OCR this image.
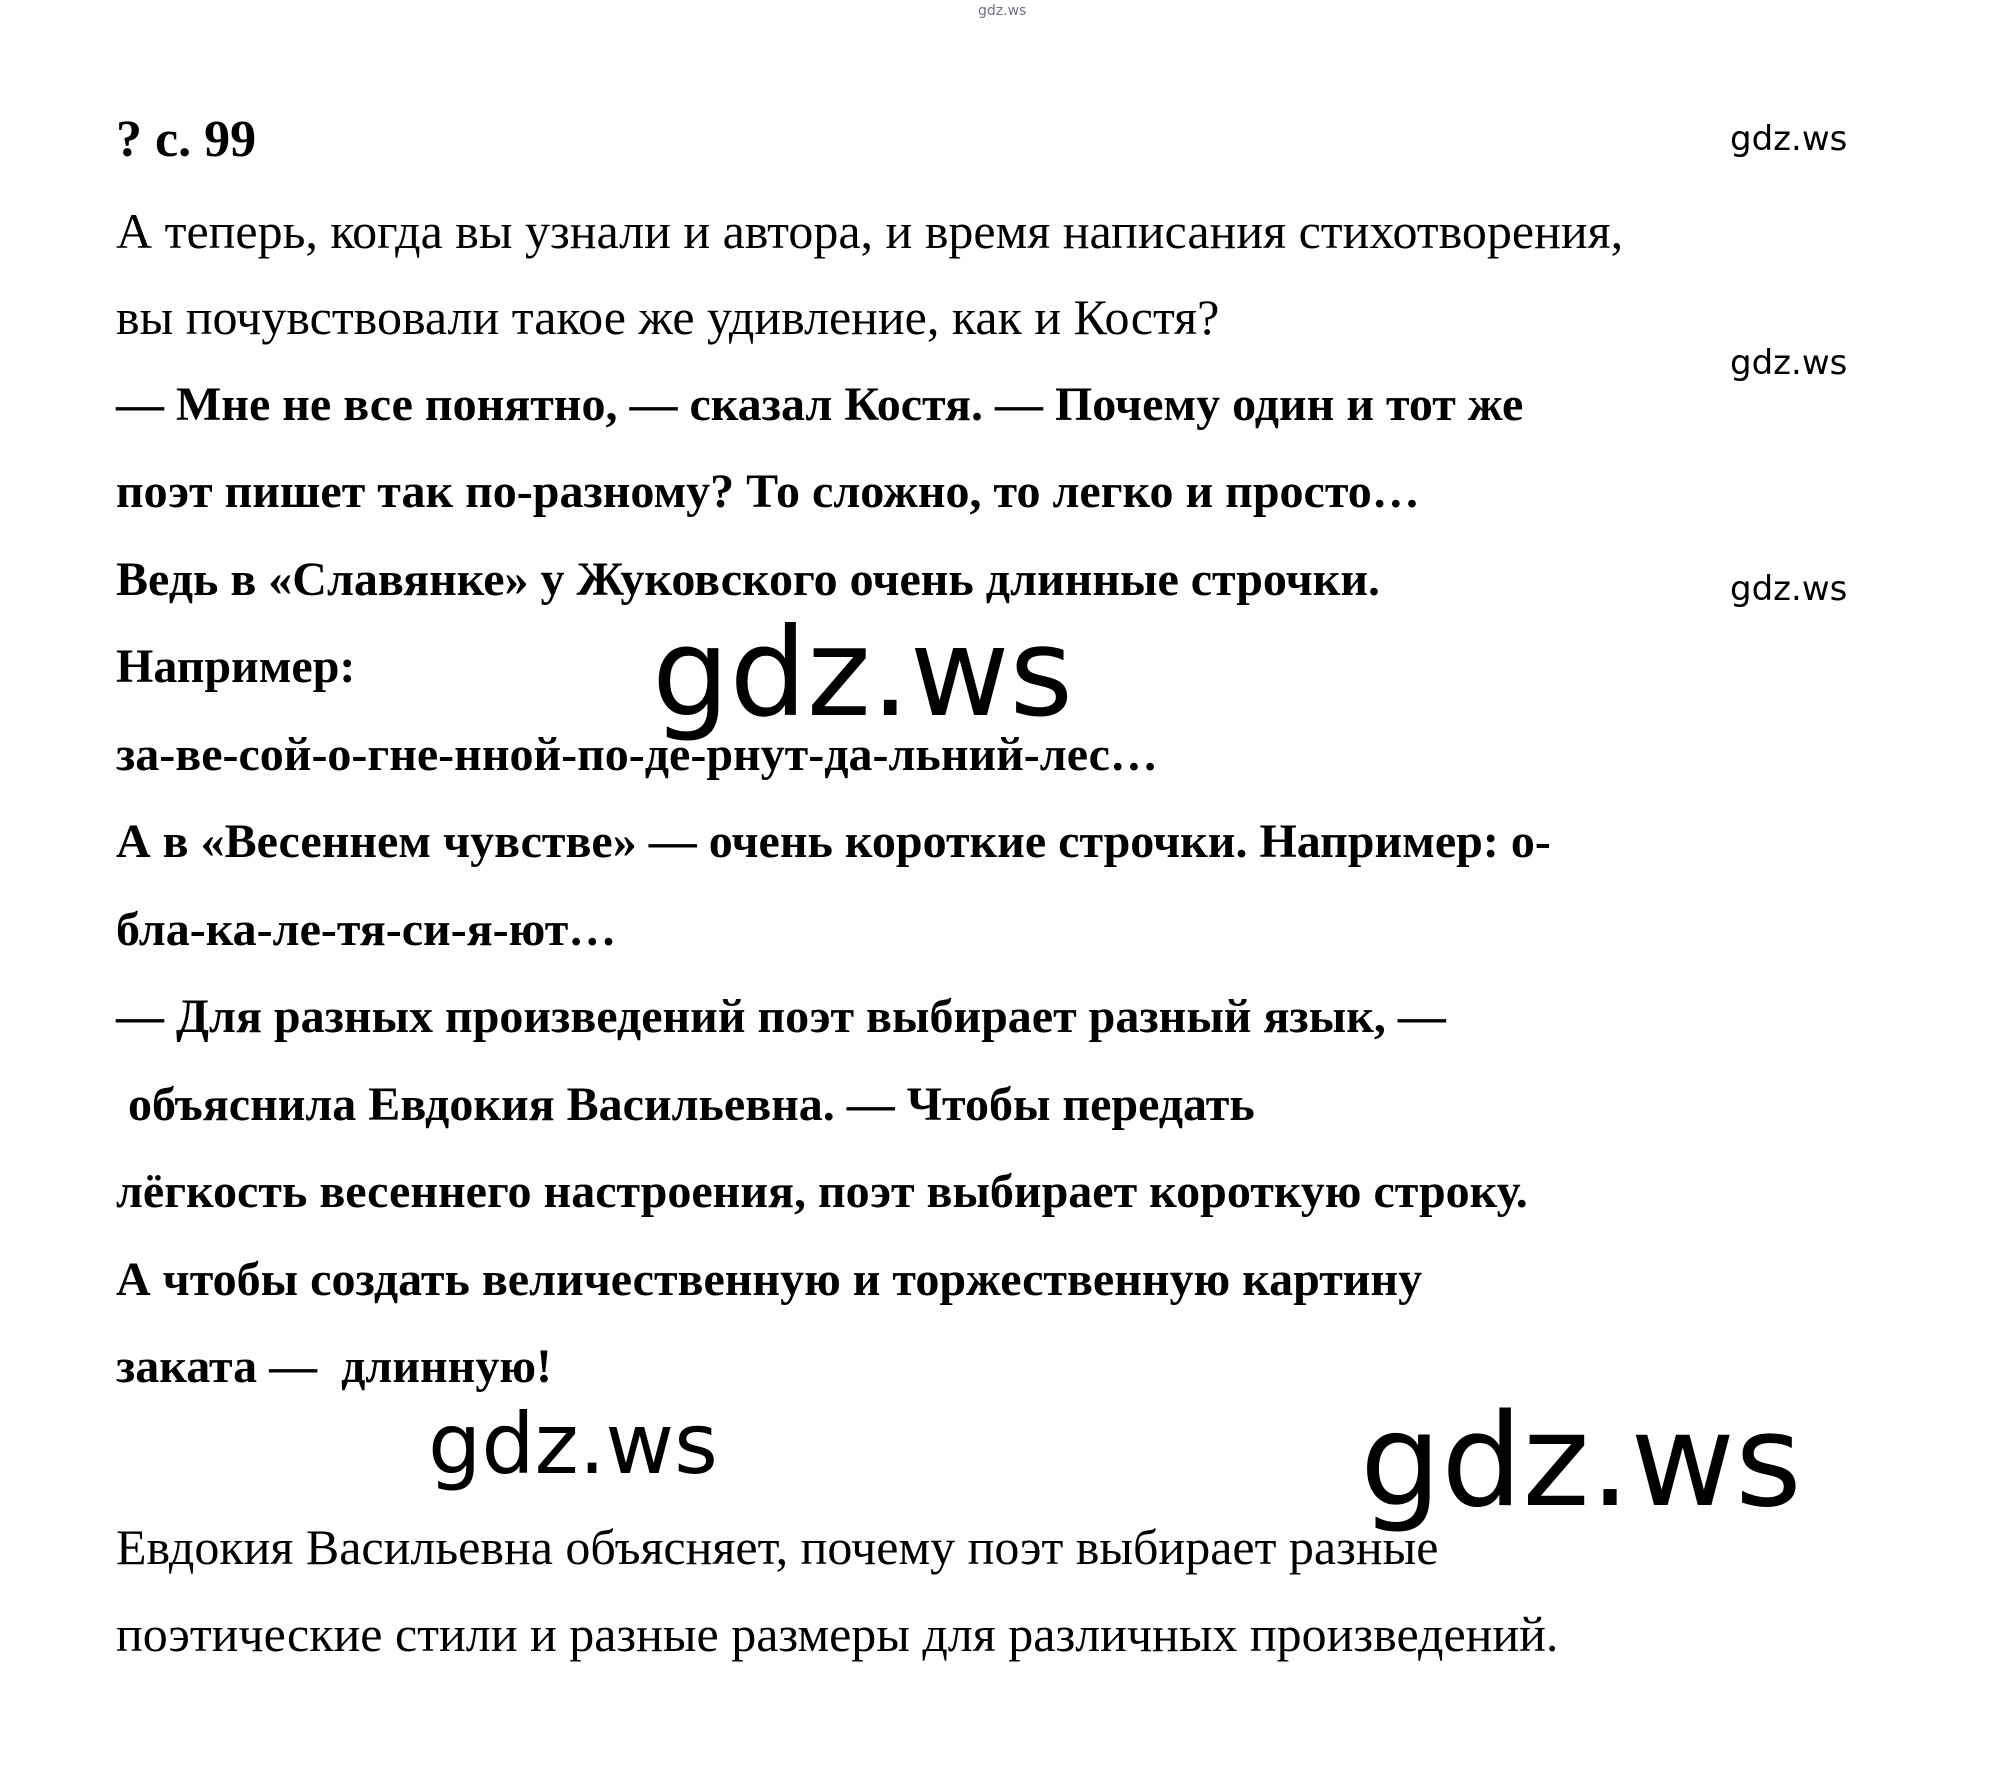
gdz.ws
gdz.ws
gdz.ws
gdz.ws
gdz.ws
gdz.ws	gdz.ws
? с. 99
А теперь, когда вы узнали и автора, и время написания стихотворения,
вы почувствовали такое же удивление, как и Костя?
— Мне не все понятно, — сказал Костя. — Почему один и тот же
поэт пишет так по-разному? То сложно, то легко и просто…
Ведь в «Славянке» у Жуковского очень длинные строчки.
Например:
за-ве-сой-о-гне-нной-по-де-рнут-да-льний-лес…
А в «Весеннем чувстве» — очень короткие строчки. Например: о-
бла-ка-ле-тя-си-я-ют…
— Для разных произведений поэт выбирает разный язык, —
объяснила Евдокия Васильевна. — Чтобы передать
лёгкость весеннего настроения, поэт выбирает короткую строку.
А чтобы создать величественную и торжественную картину
заката —  длинную!
Евдокия Васильевна объясняет, почему поэт выбирает разные
поэтические стили и разные размеры для различных произведений.
